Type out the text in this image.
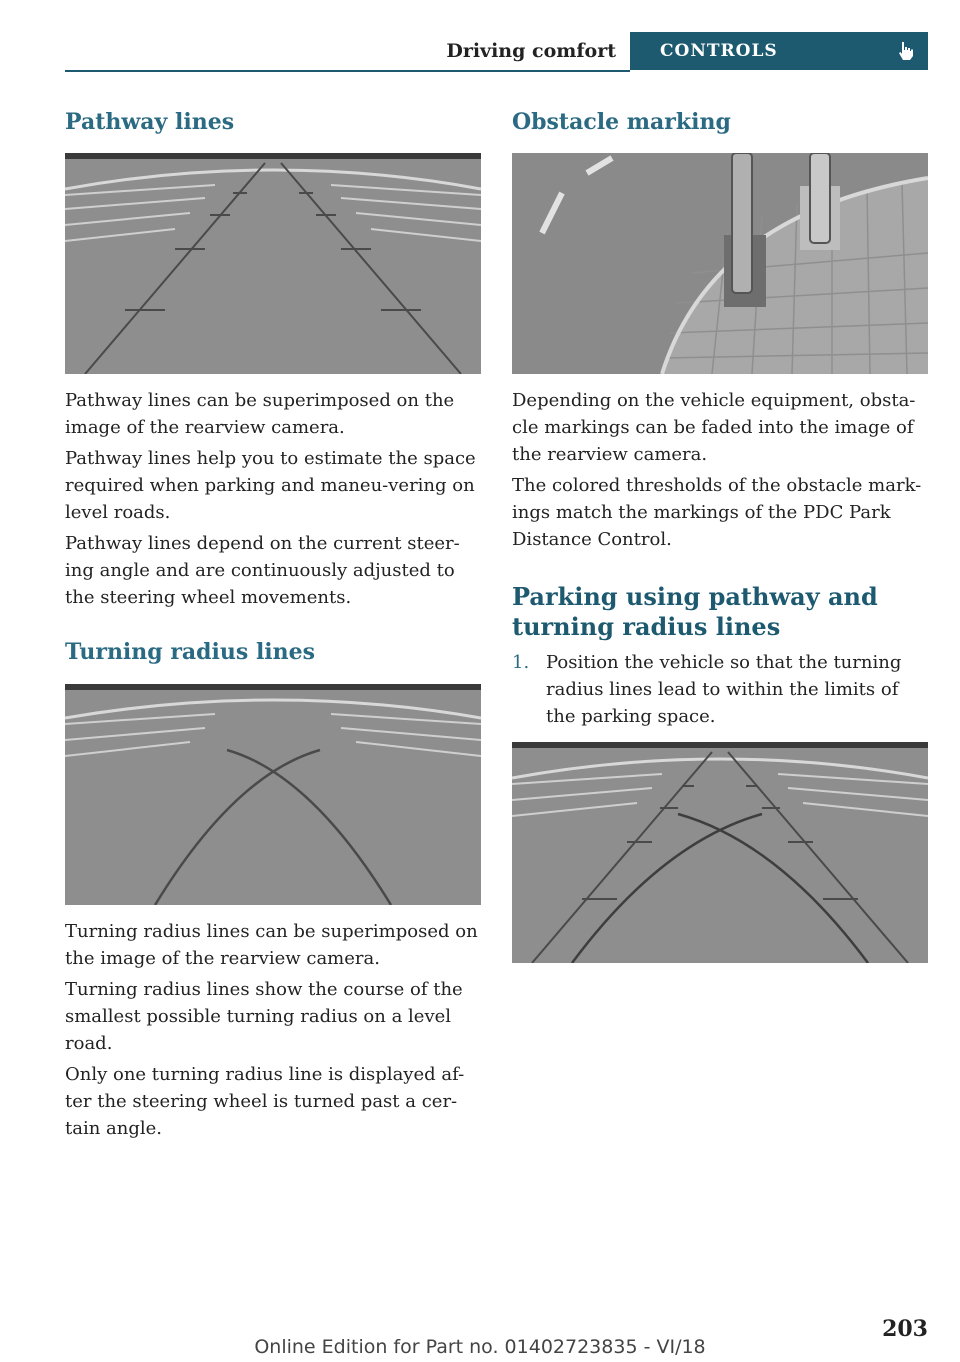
Driving comfort	CONTROLS
Pathway lines

Pathway lines can be superimposed on the image of the rearview camera.

Pathway lines help you to estimate the space required when parking and maneu-vering on level roads.

Pathway lines depend on the current steer-ing angle and are continuously adjusted to the steering wheel movements.

Turning radius lines

Turning radius lines can be superimposed on the image of the rearview camera.

Turning radius lines show the course of the smallest possible turning radius on a level road.

Only one turning radius line is displayed af-ter the steering wheel is turned past a cer-tain angle.

Obstacle marking

Depending on the vehicle equipment, obsta-cle markings can be faded into the image of the rearview camera.

The colored thresholds of the obstacle mark-ings match the markings of the PDC Park Distance Control.

Parking using pathway and turning radius lines
1. Position the vehicle so that the turning radius lines lead to within the limits of the parking space.
203
Online Edition for Part no. 01402723835 - VI/18
